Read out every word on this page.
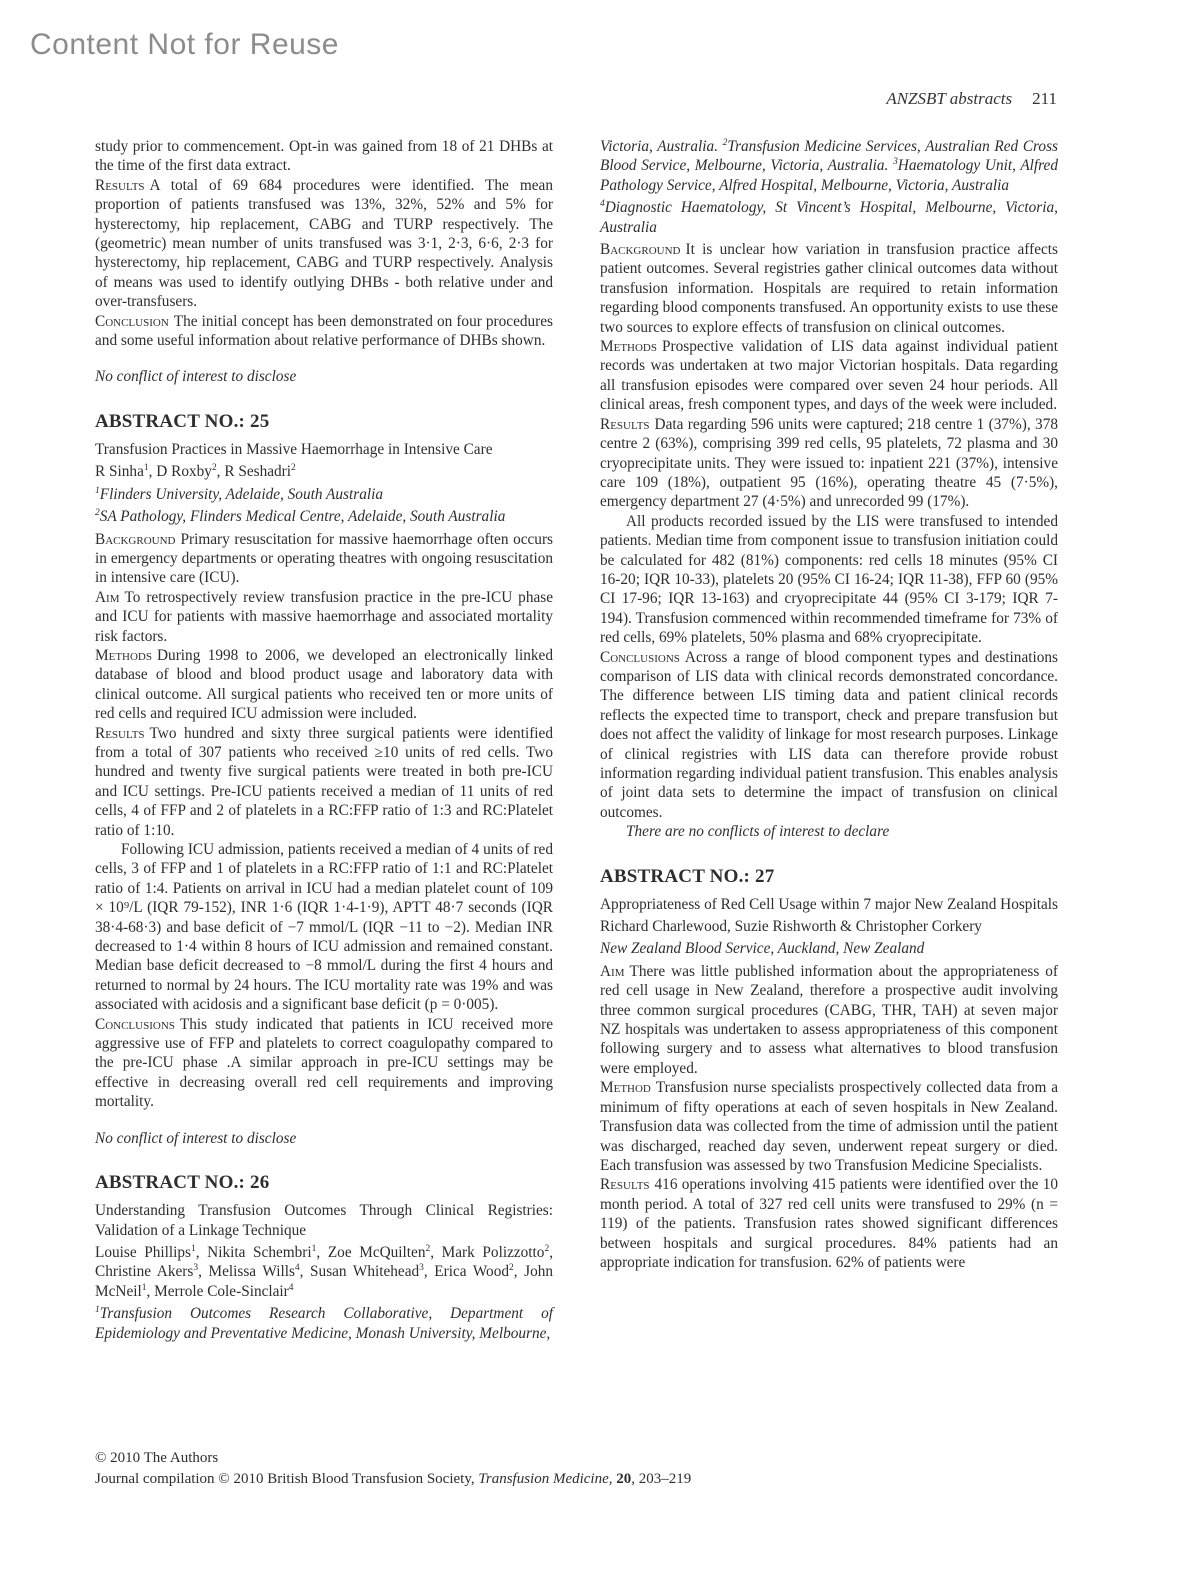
Content Not for Reuse
ANZSBT abstracts 211

study prior to commencement. Opt-in was gained from 18 of 21 DHBs at the time of the first data extract.

Results A total of 69 684 procedures were identified. The mean proportion of patients transfused was 13%, 32%, 52% and 5% for hysterectomy, hip replacement, CABG and TURP respectively. The (geometric) mean number of units transfused was 3·1, 2·3, 6·6, 2·3 for hysterectomy, hip replacement, CABG and TURP respectively. Analysis of means was used to identify outlying DHBs - both relative under and over-transfusers.

Conclusion The initial concept has been demonstrated on four procedures and some useful information about relative performance of DHBs shown.

No conflict of interest to disclose

ABSTRACT NO.: 25

Transfusion Practices in Massive Haemorrhage in Intensive Care

R Sinha$^1$, D Roxby$^2$, R Seshadri$^2$

$^1$Flinders University, Adelaide, South Australia

$^2$SA Pathology, Flinders Medical Centre, Adelaide, South Australia

Background Primary resuscitation for massive haemorrhage often occurs in emergency departments or operating theatres with ongoing resuscitation in intensive care (ICU).

Aim To retrospectively review transfusion practice in the pre-ICU phase and ICU for patients with massive haemorrhage and associated mortality risk factors.

Methods During 1998 to 2006, we developed an electronically linked database of blood and blood product usage and laboratory data with clinical outcome. All surgical patients who received ten or more units of red cells and required ICU admission were included.

Results Two hundred and sixty three surgical patients were identified from a total of 307 patients who received ≥10 units of red cells. Two hundred and twenty five surgical patients were treated in both pre-ICU and ICU settings. Pre-ICU patients received a median of 11 units of red cells, 4 of FFP and 2 of platelets in a RC:FFP ratio of 1:3 and RC:Platelet ratio of 1:10.

Following ICU admission, patients received a median of 4 units of red cells, 3 of FFP and 1 of platelets in a RC:FFP ratio of 1:1 and RC:Platelet ratio of 1:4. Patients on arrival in ICU had a median platelet count of 109 × 10⁹/L (IQR 79-152), INR 1·6 (IQR 1·4-1·9), APTT 48·7 seconds (IQR 38·4-68·3) and base deficit of −7 mmol/L (IQR −11 to −2). Median INR decreased to 1·4 within 8 hours of ICU admission and remained constant. Median base deficit decreased to −8 mmol/L during the first 4 hours and returned to normal by 24 hours. The ICU mortality rate was 19% and was associated with acidosis and a significant base deficit (p = 0·005).

Conclusions This study indicated that patients in ICU received more aggressive use of FFP and platelets to correct coagulopathy compared to the pre-ICU phase .A similar approach in pre-ICU settings may be effective in decreasing overall red cell requirements and improving mortality.

No conflict of interest to disclose

ABSTRACT NO.: 26

Understanding Transfusion Outcomes Through Clinical Registries: Validation of a Linkage Technique

Louise Phillips$^1$, Nikita Schembri$^1$, Zoe McQuilten$^2$, Mark Polizzotto$^2$, Christine Akers$^3$, Melissa Wills$^4$, Susan Whitehead$^3$, Erica Wood$^2$, John McNeil$^1$, Merrole Cole-Sinclair$^4$

$^1$Transfusion Outcomes Research Collaborative, Department of Epidemiology and Preventative Medicine, Monash University, Melbourne,

Victoria, Australia. $^2$Transfusion Medicine Services, Australian Red Cross Blood Service, Melbourne, Victoria, Australia. $^3$Haematology Unit, Alfred Pathology Service, Alfred Hospital, Melbourne, Victoria, Australia

$^4$Diagnostic Haematology, St Vincent’s Hospital, Melbourne, Victoria, Australia

Background It is unclear how variation in transfusion practice affects patient outcomes. Several registries gather clinical outcomes data without transfusion information. Hospitals are required to retain information regarding blood components transfused. An opportunity exists to use these two sources to explore effects of transfusion on clinical outcomes.

Methods Prospective validation of LIS data against individual patient records was undertaken at two major Victorian hospitals. Data regarding all transfusion episodes were compared over seven 24 hour periods. All clinical areas, fresh component types, and days of the week were included.

Results Data regarding 596 units were captured; 218 centre 1 (37%), 378 centre 2 (63%), comprising 399 red cells, 95 platelets, 72 plasma and 30 cryoprecipitate units. They were issued to: inpatient 221 (37%), intensive care 109 (18%), outpatient 95 (16%), operating theatre 45 (7·5%), emergency department 27 (4·5%) and unrecorded 99 (17%).

All products recorded issued by the LIS were transfused to intended patients. Median time from component issue to transfusion initiation could be calculated for 482 (81%) components: red cells 18 minutes (95% CI 16-20; IQR 10-33), platelets 20 (95% CI 16-24; IQR 11-38), FFP 60 (95% CI 17-96; IQR 13-163) and cryoprecipitate 44 (95% CI 3-179; IQR 7-194). Transfusion commenced within recommended timeframe for 73% of red cells, 69% platelets, 50% plasma and 68% cryoprecipitate.

Conclusions Across a range of blood component types and destinations comparison of LIS data with clinical records demonstrated concordance. The difference between LIS timing data and patient clinical records reflects the expected time to transport, check and prepare transfusion but does not affect the validity of linkage for most research purposes. Linkage of clinical registries with LIS data can therefore provide robust information regarding individual patient transfusion. This enables analysis of joint data sets to determine the impact of transfusion on clinical outcomes.

There are no conflicts of interest to declare

ABSTRACT NO.: 27

Appropriateness of Red Cell Usage within 7 major New Zealand Hospitals

Richard Charlewood, Suzie Rishworth & Christopher Corkery

New Zealand Blood Service, Auckland, New Zealand

Aim There was little published information about the appropriateness of red cell usage in New Zealand, therefore a prospective audit involving three common surgical procedures (CABG, THR, TAH) at seven major NZ hospitals was undertaken to assess appropriateness of this component following surgery and to assess what alternatives to blood transfusion were employed.

Method Transfusion nurse specialists prospectively collected data from a minimum of fifty operations at each of seven hospitals in New Zealand. Transfusion data was collected from the time of admission until the patient was discharged, reached day seven, underwent repeat surgery or died. Each transfusion was assessed by two Transfusion Medicine Specialists.

Results 416 operations involving 415 patients were identified over the 10 month period. A total of 327 red cell units were transfused to 29% (n = 119) of the patients. Transfusion rates showed significant differences between hospitals and surgical procedures. 84% patients had an appropriate indication for transfusion. 62% of patients were

© 2010 The Authors

Journal compilation © 2010 British Blood Transfusion Society, Transfusion Medicine, 20, 203–219
